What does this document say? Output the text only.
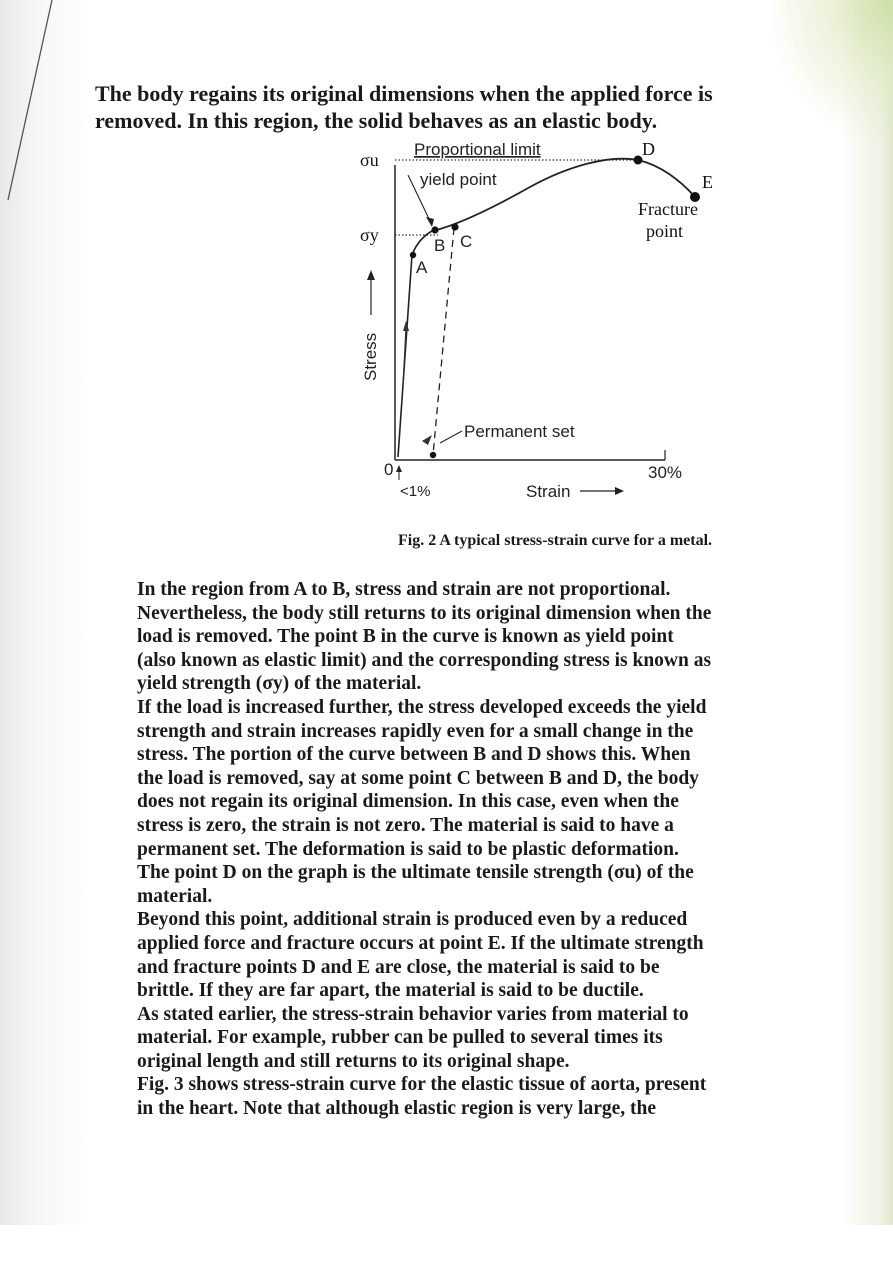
The body regains its original dimensions when the applied force is

removed. In this region, the solid behaves as an elastic body.

σu
σy
Proportional limit
yield point
A
B C
D
E
Fracture
point
Permanent set
Stress
Strain
0
<1%
30%

Fig. 2 A typical stress-strain curve for a metal.

In the region from A to B, stress and strain are not proportional.

Nevertheless, the body still returns to its original dimension when the

load is removed. The point B in the curve is known as yield point

(also known as elastic limit) and the corresponding stress is known as

yield strength (σy) of the material.

If the load is increased further, the stress developed exceeds the yield

strength and strain increases rapidly even for a small change in the

stress. The portion of the curve between B and D shows this. When

the load is removed, say at some point C between B and D, the body

does not regain its original dimension. In this case, even when the

stress is zero, the strain is not zero. The material is said to have a

permanent set. The deformation is said to be plastic deformation.

The point D on the graph is the ultimate tensile strength (σu) of the

material.

Beyond this point, additional strain is produced even by a reduced

applied force and fracture occurs at point E. If the ultimate strength

and fracture points D and E are close, the material is said to be

brittle. If they are far apart, the material is said to be ductile.

As stated earlier, the stress-strain behavior varies from material to

material. For example, rubber can be pulled to several times its

original length and still returns to its original shape.

Fig. 3 shows stress-strain curve for the elastic tissue of aorta, present

in the heart. Note that although elastic region is very large, the
